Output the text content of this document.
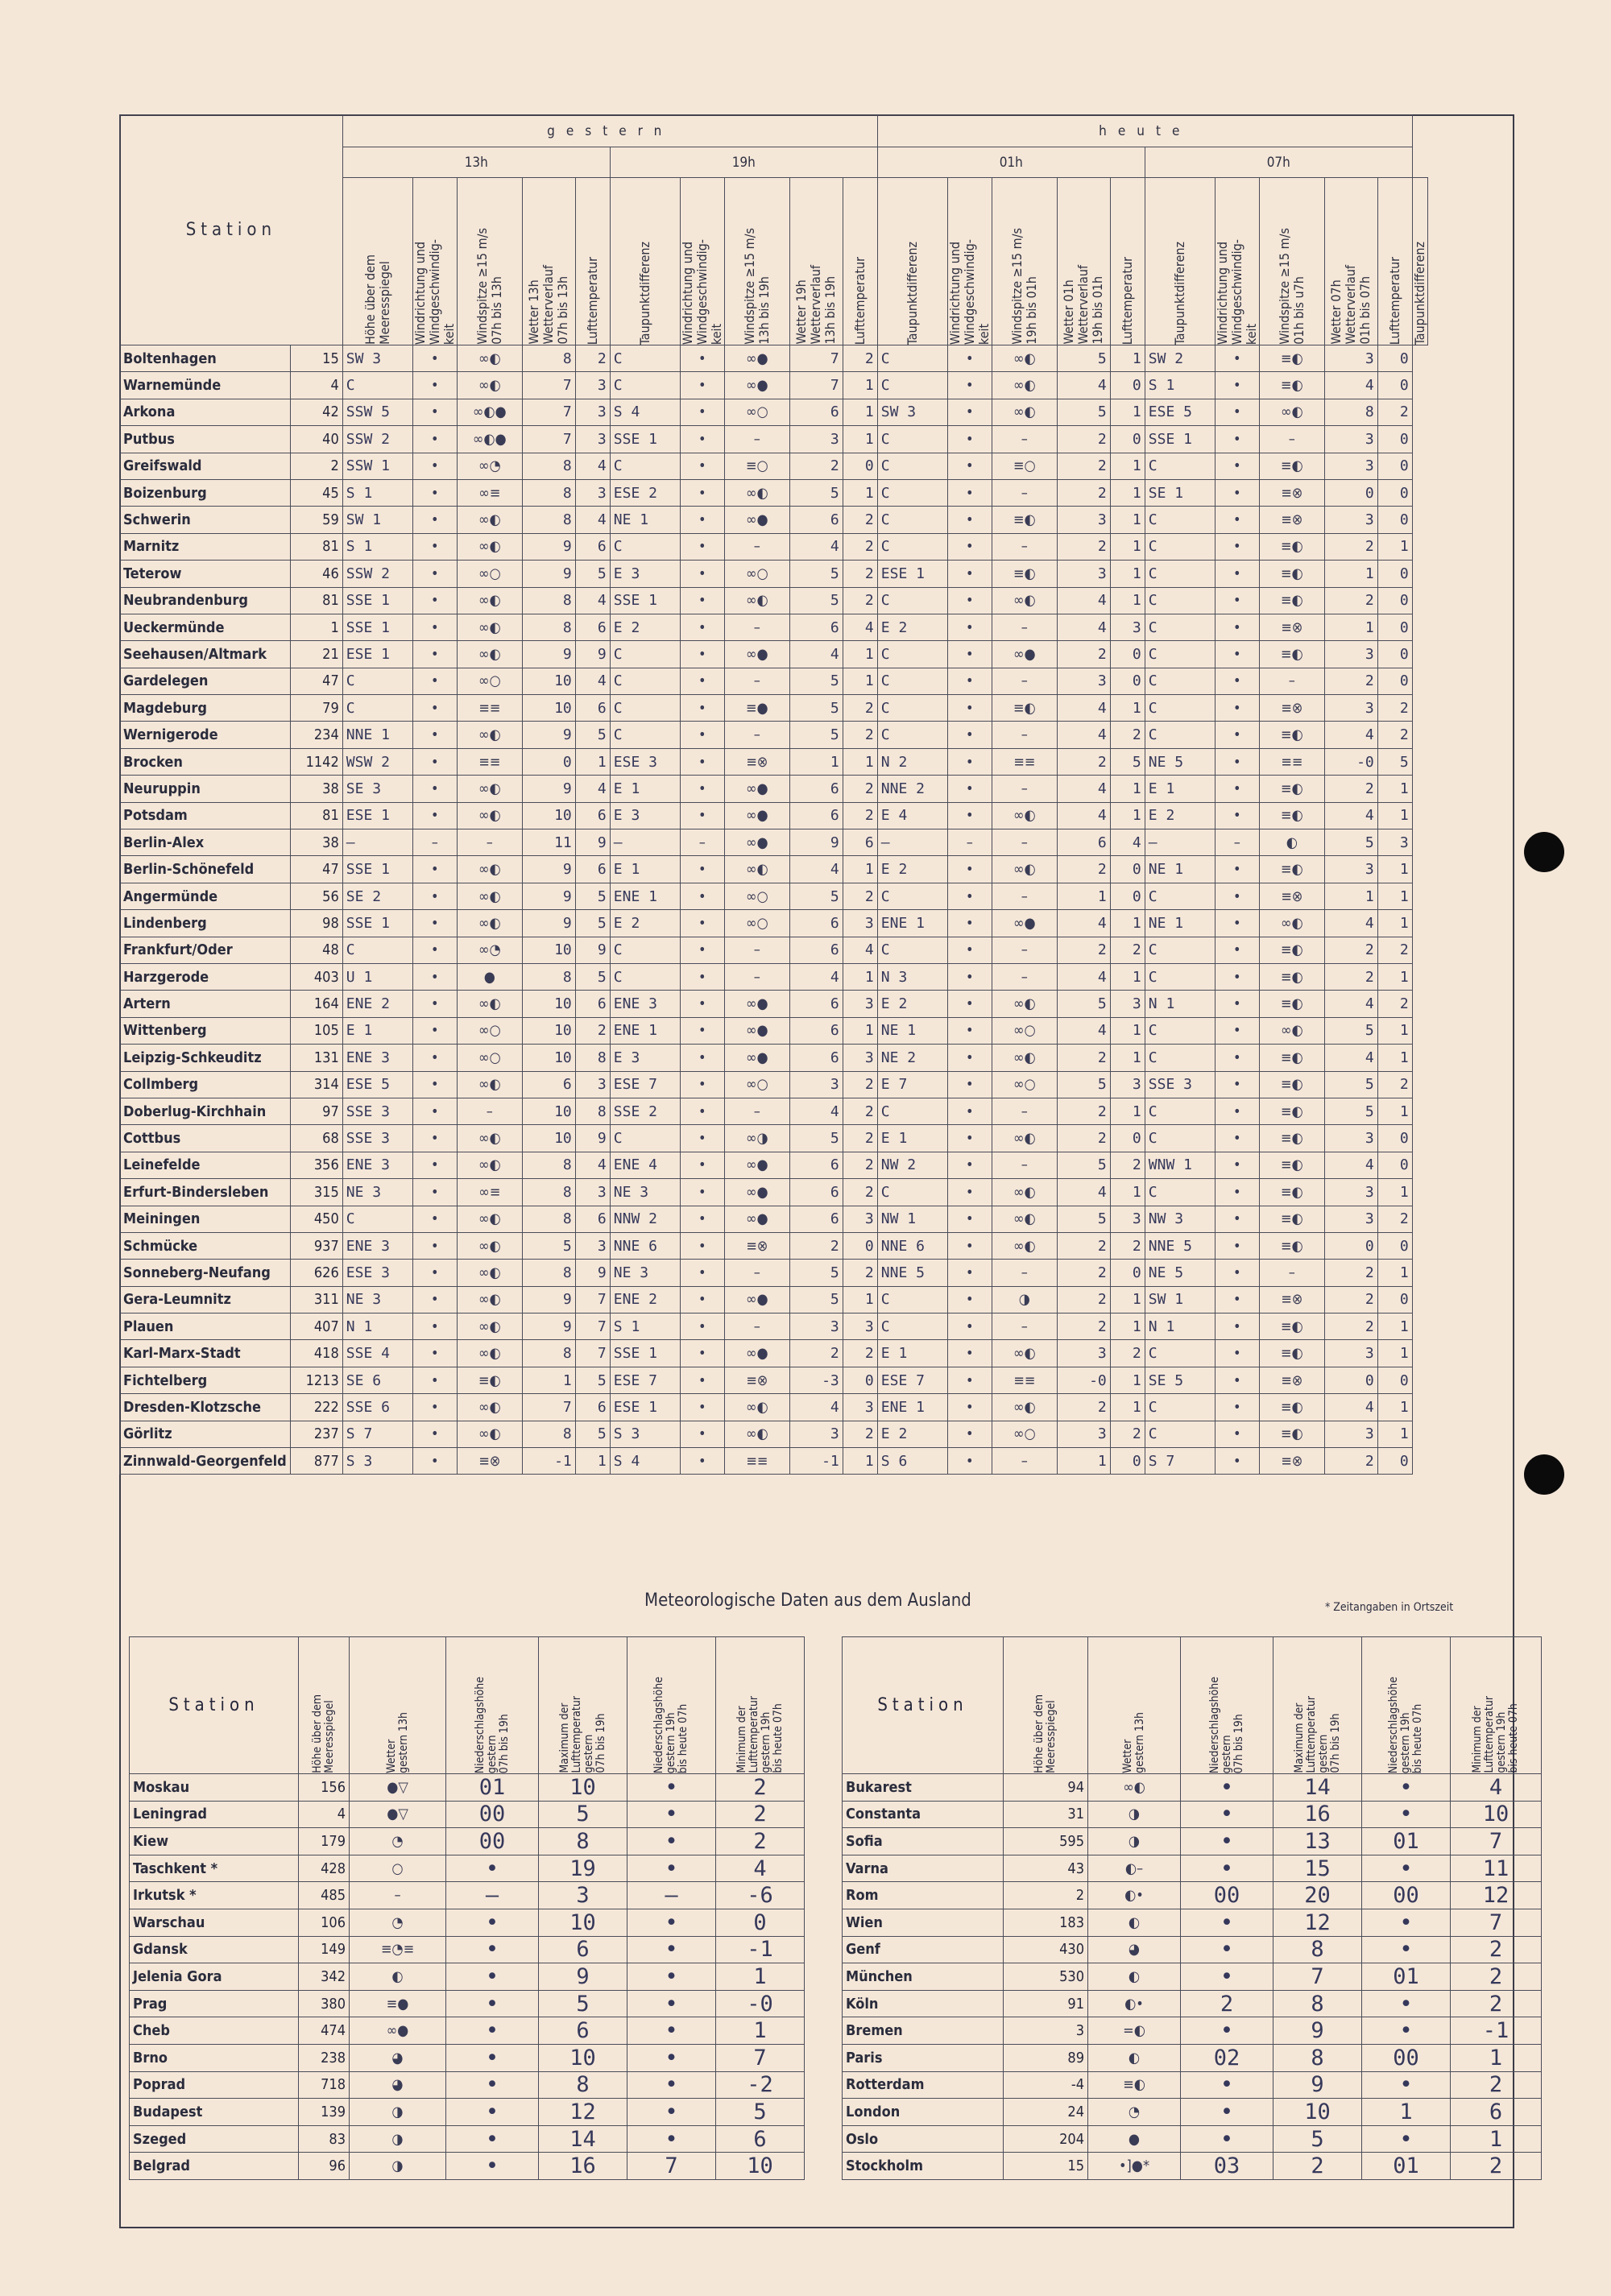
Station		gestern										heute										
		13h					19h					01h					07h					

		Höhe über dem
Meeresspiegel	Windrichtung und
Windgeschwindig-
keit	Windspitze ≥15 m/s
07h bis 13h	Wetter 13h
Wetterverlauf
07h bis 13h	Lufttemperatur	Taupunktdifferenz	Windrichtung und
Windgeschwindig-
keit	Windspitze ≥15 m/s
13h bis 19h	Wetter 19h
Wetterverlauf
13h bis 19h	Lufttemperatur	Taupunktdifferenz	Windrichtung und
Windgeschwindig-
keit	Windspitze ≥15 m/s
19h bis 01h	Wetter 01h
Wetterverlauf
19h bis 01h	Lufttemperatur	Taupunktdifferenz	Windrichtung und
Windgeschwindig-
keit	Windspitze ≥15 m/s
01h bis u7h	Wetter 07h
Wetterverlauf
01h bis 07h	Lufttemperatur	Taupunktdifferenz

Boltenhagen	15	SW 3	•	∞◐	8	2	C	•	∞●	7	2	C	•	∞◐	5	1	SW 2	•	≡◐	3	0	
Warnemünde	4	C	•	∞◐	7	3	C	•	∞●	7	1	C	•	∞◐	4	0	S 1	•	≡◐	4	0	
Arkona	42	SSW 5	•	∞◐●	7	3	S 4	•	∞○	6	1	SW 3	•	∞◐	5	1	ESE 5	•	∞◐	8	2	
Putbus	40	SSW 2	•	∞◐●	7	3	SSE 1	•	–	3	1	C	•	–	2	0	SSE 1	•	–	3	0	
Greifswald	2	SSW 1	•	∞◔	8	4	C	•	≡○	2	0	C	•	≡○	2	1	C	•	≡◐	3	0	
Boizenburg	45	S 1	•	∞≡	8	3	ESE 2	•	∞◐	5	1	C	•	–	2	1	SE 1	•	≡⊗	0	0	
Schwerin	59	SW 1	•	∞◐	8	4	NE 1	•	∞●	6	2	C	•	≡◐	3	1	C	•	≡⊗	3	0	
Marnitz	81	S 1	•	∞◐	9	6	C	•	–	4	2	C	•	–	2	1	C	•	≡◐	2	1	
Teterow	46	SSW 2	•	∞○	9	5	E 3	•	∞○	5	2	ESE 1	•	≡◐	3	1	C	•	≡◐	1	0	
Neubrandenburg	81	SSE 1	•	∞◐	8	4	SSE 1	•	∞◐	5	2	C	•	∞◐	4	1	C	•	≡◐	2	0	
Ueckermünde	1	SSE 1	•	∞◐	8	6	E 2	•	–	6	4	E 2	•	–	4	3	C	•	≡⊗	1	0	
Seehausen/Altmark	21	ESE 1	•	∞◐	9	9	C	•	∞●	4	1	C	•	∞●	2	0	C	•	≡◐	3	0	
Gardelegen	47	C	•	∞○	10	4	C	•	–	5	1	C	•	–	3	0	C	•	–	2	0	
Magdeburg	79	C	•	≡≡	10	6	C	•	≡●	5	2	C	•	≡◐	4	1	C	•	≡⊗	3	2	
Wernigerode	234	NNE 1	•	∞◐	9	5	C	•	–	5	2	C	•	–	4	2	C	•	≡◐	4	2	
Brocken	1142	WSW 2	•	≡≡	0	1	ESE 3	•	≡⊗	1	1	N 2	•	≡≡	2	5	NE 5	•	≡≡	-0	5	
Neuruppin	38	SE 3	•	∞◐	9	4	E 1	•	∞●	6	2	NNE 2	•	–	4	1	E 1	•	≡◐	2	1	
Potsdam	81	ESE 1	•	∞◐	10	6	E 3	•	∞●	6	2	E 4	•	∞◐	4	1	E 2	•	≡◐	4	1	
Berlin-Alex	38	–	–	–	11	9	–	–	∞●	9	6	–	–	–	6	4	–	–	◐	5	3	
Berlin-Schönefeld	47	SSE 1	•	∞◐	9	6	E 1	•	∞◐	4	1	E 2	•	∞◐	2	0	NE 1	•	≡◐	3	1	
Angermünde	56	SE 2	•	∞◐	9	5	ENE 1	•	∞○	5	2	C	•	–	1	0	C	•	≡⊗	1	1	
Lindenberg	98	SSE 1	•	∞◐	9	5	E 2	•	∞○	6	3	ENE 1	•	∞●	4	1	NE 1	•	∞◐	4	1	
Frankfurt/Oder	48	C	•	∞◔	10	9	C	•	–	6	4	C	•	–	2	2	C	•	≡◐	2	2	
Harzgerode	403	U 1	•	●	8	5	C	•	–	4	1	N 3	•	–	4	1	C	•	≡◐	2	1	
Artern	164	ENE 2	•	∞◐	10	6	ENE 3	•	∞●	6	3	E 2	•	∞◐	5	3	N 1	•	≡◐	4	2	
Wittenberg	105	E 1	•	∞○	10	2	ENE 1	•	∞●	6	1	NE 1	•	∞○	4	1	C	•	∞◐	5	1	
Leipzig-Schkeuditz	131	ENE 3	•	∞○	10	8	E 3	•	∞●	6	3	NE 2	•	∞◐	2	1	C	•	≡◐	4	1	
Collmberg	314	ESE 5	•	∞◐	6	3	ESE 7	•	∞○	3	2	E 7	•	∞○	5	3	SSE 3	•	≡◐	5	2	
Doberlug-Kirchhain	97	SSE 3	•	–	10	8	SSE 2	•	–	4	2	C	•	–	2	1	C	•	≡◐	5	1	
Cottbus	68	SSE 3	•	∞◐	10	9	C	•	∞◑	5	2	E 1	•	∞◐	2	0	C	•	≡◐	3	0	
Leinefelde	356	ENE 3	•	∞◐	8	4	ENE 4	•	∞●	6	2	NW 2	•	–	5	2	WNW 1	•	≡◐	4	0	
Erfurt-Bindersleben	315	NE 3	•	∞≡	8	3	NE 3	•	∞●	6	2	C	•	∞◐	4	1	C	•	≡◐	3	1	
Meiningen	450	C	•	∞◐	8	6	NNW 2	•	∞●	6	3	NW 1	•	∞◐	5	3	NW 3	•	≡◐	3	2	
Schmücke	937	ENE 3	•	∞◐	5	3	NNE 6	•	≡⊗	2	0	NNE 6	•	∞◐	2	2	NNE 5	•	≡◐	0	0	
Sonneberg-Neufang	626	ESE 3	•	∞◐	8	9	NE 3	•	–	5	2	NNE 5	•	–	2	0	NE 5	•	–	2	1	
Gera-Leumnitz	311	NE 3	•	∞◐	9	7	ENE 2	•	∞●	5	1	C	•	◑	2	1	SW 1	•	≡⊗	2	0	
Plauen	407	N 1	•	∞◐	9	7	S 1	•	–	3	3	C	•	–	2	1	N 1	•	≡◐	2	1	
Karl-Marx-Stadt	418	SSE 4	•	∞◐	8	7	SSE 1	•	∞●	2	2	E 1	•	∞◐	3	2	C	•	≡◐	3	1	
Fichtelberg	1213	SE 6	•	≡◐	1	5	ESE 7	•	≡⊗	-3	0	ESE 7	•	≡≡	-0	1	SE 5	•	≡⊗	0	0	
Dresden-Klotzsche	222	SSE 6	•	∞◐	7	6	ESE 1	•	∞◐	4	3	ENE 1	•	∞◐	2	1	C	•	≡◐	4	1	
Görlitz	237	S 7	•	∞◐	8	5	S 3	•	∞◐	3	2	E 2	•	∞○	3	2	C	•	≡◐	3	1	
Zinnwald-Georgenfeld	877	S 3	•	≡⊗	-1	1	S 4	•	≡≡	-1	1	S 6	•	–	1	0	S 7	•	≡⊗	2	0	
Meteorologische Daten aus dem Ausland	* Zeitangaben in Ortszeit
Station	Höhe über dem
Meeresspiegel	Wetter
gestern 13h	Niederschlagshöhe
gestern
07h bis 19h	Maximum der
Lufttemperatur
gestern
07h bis 19h	Niederschlagshöhe
gestern 19h
bis heute 07h	Minimum der
Lufttemperatur
gestern 19h
bis heute 07h

Moskau	156	●▽	01	10	•	2
Leningrad	4	●▽	00	5	•	2
Kiew	179	◔	00	8	•	2
Taschkent *	428	○	•	19	•	4
Irkutsk *	485	–	–	3	–	-6
Warschau	106	◔	•	10	•	0
Gdansk	149	≡◔≡	•	6	•	-1
Jelenia Gora	342	◐	•	9	•	1
Prag	380	≡●	•	5	•	-0
Cheb	474	∞●	•	6	•	1
Brno	238	◕	•	10	•	7
Poprad	718	◕	•	8	•	-2
Budapest	139	◑	•	12	•	5
Szeged	83	◑	•	14	•	6
Belgrad	96	◑	•	16	7	10
Station	Höhe über dem
Meeresspiegel	Wetter
gestern 13h	Niederschlagshöhe
gestern
07h bis 19h	Maximum der
Lufttemperatur
gestern
07h bis 19h	Niederschlagshöhe
gestern 19h
bis heute 07h	Minimum der
Lufttemperatur
gestern 19h
bis heute 07h

Bukarest	94	∞◐	•	14	•	4
Constanta	31	◑	•	16	•	10
Sofia	595	◑	•	13	01	7
Varna	43	◐–	•	15	•	11
Rom	2	◐•	00	20	00	12
Wien	183	◐	•	12	•	7
Genf	430	◕	•	8	•	2
München	530	◐	•	7	01	2
Köln	91	◐•	2	8	•	2
Bremen	3	=◐	•	9	•	-1
Paris	89	◐	02	8	00	1
Rotterdam	-4	≡◐	•	9	•	2
London	24	◔	•	10	1	6
Oslo	204	●	•	5	•	1
Stockholm	15	•]●*	03	2	01	2
